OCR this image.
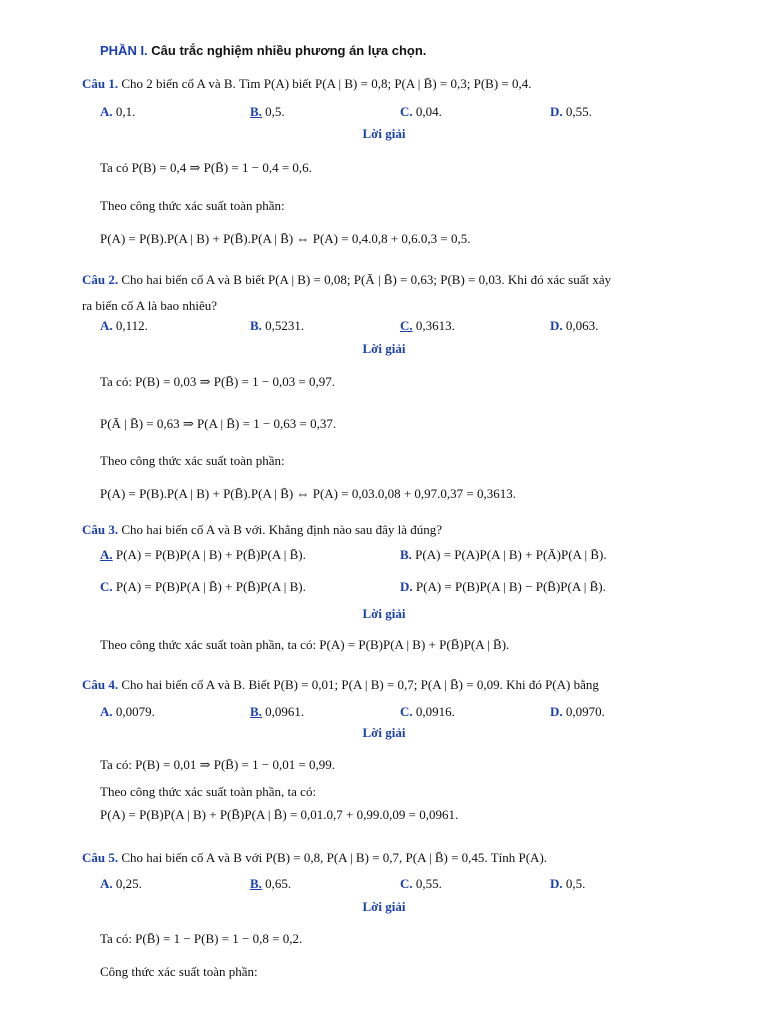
PHẦN I. Câu trắc nghiệm nhiều phương án lựa chọn.
Câu 1. Cho 2 biến cố A và B. Tìm P(A) biết P(A | B) = 0,8; P(A | B̄) = 0,3; P(B) = 0,4.
A. 0,1.	B. 0,5.	C. 0,04.	D. 0,55.
Lời giải
Ta có P(B) = 0,4 ⇒ P(B̄) = 1 − 0,4 = 0,6.
Theo công thức xác suất toàn phần:
P(A) = P(B).P(A | B) + P(B̄).P(A | B̄) ⇔ P(A) = 0,4.0,8 + 0,6.0,3 = 0,5.
Câu 2. Cho hai biến cố A và B biết P(A | B) = 0,08; P(Ā | B̄) = 0,63; P(B) = 0,03. Khi đó xác suất xảy
ra biến cố A là bao nhiêu?
A. 0,112.	B. 0,5231.	C. 0,3613.	D. 0,063.
Lời giải
Ta có: P(B) = 0,03 ⇒ P(B̄) = 1 − 0,03 = 0,97.
P(Ā | B̄) = 0,63 ⇒ P(A | B̄) = 1 − 0,63 = 0,37.
Theo công thức xác suất toàn phần:
P(A) = P(B).P(A | B) + P(B̄).P(A | B̄) ⇔ P(A) = 0,03.0,08 + 0,97.0,37 = 0,3613.
Câu 3. Cho hai biến cố A và B với. Khẳng định nào sau đây là đúng?
A. P(A) = P(B)P(A | B) + P(B̄)P(A | B̄).	B. P(A) = P(A)P(A | B) + P(Ā)P(A | B̄).
C. P(A) = P(B)P(A | B̄) + P(B̄)P(A | B).	D. P(A) = P(B)P(A | B) − P(B̄)P(A | B̄).
Lời giải
Theo công thức xác suất toàn phần, ta có: P(A) = P(B)P(A | B) + P(B̄)P(A | B̄).
Câu 4. Cho hai biến cố A và B. Biết P(B) = 0,01; P(A | B) = 0,7; P(A | B̄) = 0,09. Khi đó P(A) bằng
A. 0,0079.	B. 0,0961.	C. 0,0916.	D. 0,0970.
Lời giải
Ta có: P(B) = 0,01 ⇒ P(B̄) = 1 − 0,01 = 0,99.
Theo công thức xác suất toàn phần, ta có:
P(A) = P(B)P(A | B) + P(B̄)P(A | B̄) = 0,01.0,7 + 0,99.0,09 = 0,0961.
Câu 5. Cho hai biến cố A và B với P(B) = 0,8, P(A | B) = 0,7, P(A | B̄) = 0,45. Tính P(A).
A. 0,25.	B. 0,65.	C. 0,55.	D. 0,5.
Lời giải
Ta có: P(B̄) = 1 − P(B) = 1 − 0,8 = 0,2.
Công thức xác suất toàn phần:
